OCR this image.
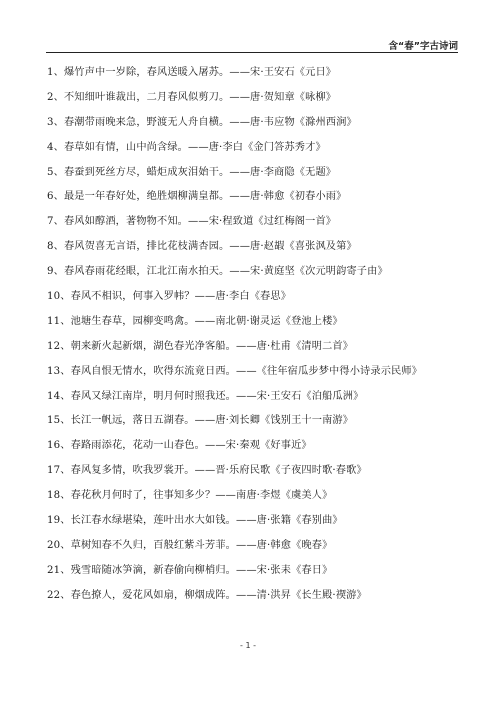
含“春”字古诗词
1、爆竹声中一岁除，春风送暖入屠苏。——宋·王安石《元日》
2、不知细叶谁裁出，二月春风似剪刀。——唐·贺知章《咏柳》
3、春潮带雨晚来急，野渡无人舟自横。——唐·韦应物《滁州西涧》
4、春草如有情，山中尚含绿。——唐·李白《金门答苏秀才》
5、春蚕到死丝方尽，蜡炬成灰泪始干。——唐·李商隐《无题》
6、最是一年春好处，绝胜烟柳满皇都。——唐·韩愈《初春小雨》
7、春风如醇酒，著物物不知。——宋·程致道《过红梅阁一首》
8、春风贺喜无言语，排比花枝满杏园。——唐·赵嘏《喜张沨及第》
9、春风春雨花经眼，江北江南水拍天。——宋·黄庭坚《次元明韵寄子由》
10、春风不相识，何事入罗帏？——唐·李白《春思》
11、池塘生春草，园柳变鸣禽。——南北朝·谢灵运《登池上楼》
12、朝来新火起新烟，湖色春光净客船。——唐·杜甫《清明二首》
13、春风自恨无情水，吹得东流竟日西。——《往年宿瓜步梦中得小诗录示民师》
14、春风又绿江南岸，明月何时照我还。——宋·王安石《泊船瓜洲》
15、长江一帆远，落日五湖春。——唐·刘长卿《饯别王十一南游》
16、春路雨添花，花动一山春色。——宋·秦观《好事近》
17、春风复多情，吹我罗裳开。——晋·乐府民歌《子夜四时歌·春歌》
18、春花秋月何时了，往事知多少？——南唐·李煜《虞美人》
19、长江春水绿堪染，莲叶出水大如钱。——唐·张籍《春别曲》
20、草树知春不久归，百般红紫斗芳菲。——唐·韩愈《晚春》
21、残雪暗随冰笋滴，新春偷向柳梢归。——宋·张耒《春日》
22、春色撩人，爱花风如扇，柳烟成阵。——清·洪昇《长生殿·禊游》
- 1 -
